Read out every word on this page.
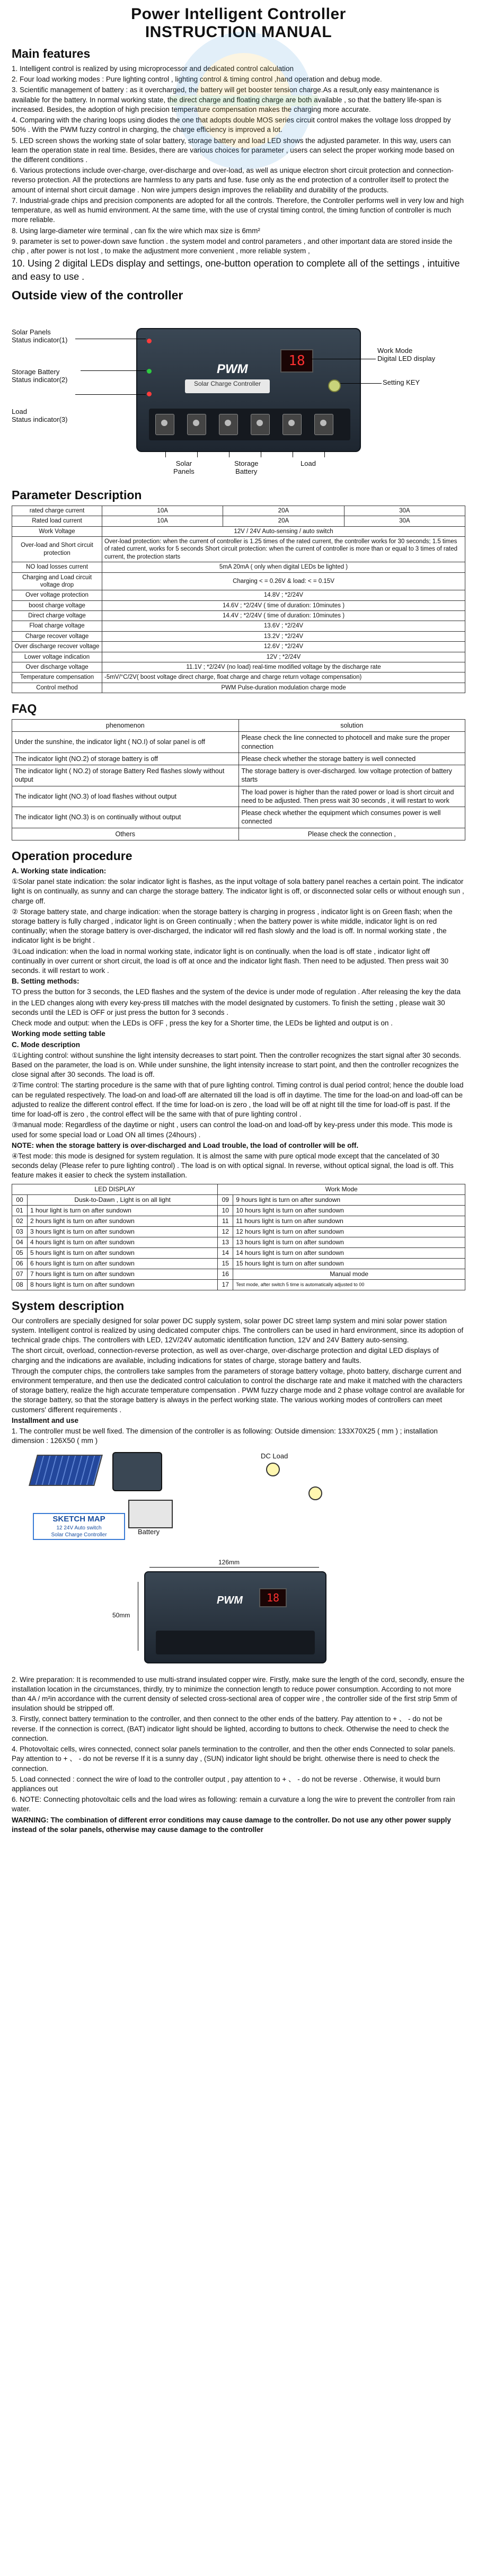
Power Intelligent Controller
INSTRUCTION MANUAL
Main features

1. Intelligent control is realized by using microprocessor and dedicated control calculation

2. Four load working modes : Pure lighting control , lighting control & timing control ,hand operation and debug mode.

3. Scientific management of battery : as it overcharged, the battery will get booster tension charge.As a result,only easy maintenance is available for the battery. In normal working state, the direct charge and floating charge are both available , so that the battery life-span is increased. Besides, the adoption of high precision temperature compensation makes the charging more accurate.

4. Comparing with the charing loops using diodes the one that adopts double MOS series circuit control makes the voltage loss dropped by 50% . With the PWM fuzzy control in charging, the charge efficiency is improved a lot.

5. LED screen shows the working state of solar battery, storage battery and load LED shows the adjusted parameter. In this way, users can learn the operation state in real time. Besides, there are various choices for parameter , users can select the proper working mode based on the different conditions .

6. Various protections include over-charge, over-discharge and over-load, as well as unique electron short circuit protection and connection-reverso protection. All the protections are harmless to any parts and fuse. fuse only as the end protection of a controller itself to protect the amount of internal short circuit damage . Non wire jumpers design improves the reliability and durability of the products.

7. Industrial-grade chips and precision components are adopted for all the controls. Therefore, the Controller performs well in very low and high temperature, as well as humid environment. At the same time, with the use of crystal timing control, the timing function of controller is much more reliable.

8. Using large-diameter wire terminal , can fix the wire which max size is 6mm²

9. parameter is set to power-down save function . the system model and control parameters , and other important data are stored inside the chip , after power is not lost , to make the adjustment more convenient , more reliable system ,

10. Using 2 digital LEDs display and settings, one-button operation to complete all of the settings , intuitive and easy to use .

Outside view of the controller
PWM
Solar Charge Controller
18
Solar Panels
Status indicator(1)
Storage Battery
Status indicator(2)
Load
Status indicator(3)
Work Mode
Digital LED display
Setting KEY
Solar
Panels
Storage
Battery
Load
Parameter Description
rated charge current	10A	20A	30A
Rated load current	10A	20A	30A
Work Voltage	12V / 24V Auto-sensing / auto switch		
Over-load and Short circuit protection	Over-load protection: when the current of controller is 1.25 times of the rated current, the controller works for 30 seconds; 1.5 times of rated current, works for 5 seconds Short circuit protection: when the current of controller is more than or equal to 3 times of rated current, the protection starts		
NO load losses current	5mA 20mA ( only when digital LEDs be lighted )		
Charging and Load circuit voltage drop	Charging < = 0.26V & load: < = 0.15V		
Over voltage protection	14.8V ; *2/24V		
boost charge voltage	14.6V ; *2/24V ( time of duration: 10minutes )		
Direct charge voltage	14.4V ; *2/24V ( time of duration: 10minutes )		
Float charge voltage	13.6V ; *2/24V		
Charge recover voltage	13.2V ; *2/24V		
Over discharge recover voltage	12.6V ; *2/24V		
Lower voltage indication	12V ; *2/24V		
Over discharge voltage	11.1V ; *2/24V (no load) real-time modified voltage by the discharge rate		
Temperature compensation	-5mV/°C/2V( boost voltage direct charge, float charge and charge return voltage compensation)		
Control method	PWM Pulse-duration modulation charge mode		
FAQ
phenomenon	solution
Under the sunshine, the indicator light ( NO.I) of solar panel is off	Please check the line connected to photocell and make sure the proper connection
The indicator light (NO.2) of storage battery is off	Please check whether the storage battery is well connected
The indicator light ( NO.2) of storage Battery Red flashes slowly without output	The storage battery is over-discharged. low voltage protection of battery starts
The indicator light (NO.3) of load flashes without output	The load power is higher than the rated power or load is short circuit and need to be adjusted. Then press wait 30 seconds , it will restart to work
The indicator light (NO.3) is on continually without output	Please check whether the equipment which consumes power is well connected
Others	Please check the connection ,
Operation procedure

A. Working state indication:

①Solar panel state indication: the solar indicator light is flashes, as the input voltage of sola battery panel reaches a certain point. The indicator light is on continually, as sunny and can charge the storage battery. The indicator light is off, or disconnected solar cells or without enough sun , charge off.

② Storage battery state, and charge indication: when the storage battery is charging in progress , indicator light is on Green flash; when the storage battery is fully charged , indicator light is on Green continually ; when the battery power is white middle, indicator light is on red continually; when the storage battery is over-discharged, the indicator will red flash slowly and the load is off. In normal working state , the indicator light is be bright .

③Load indication: when the load in normal working state, indicator light is on continually. when the load is off state , indicator light off continually in over current or short circuit, the load is off at once and the indicator light flash. Then need to be adjusted. Then press wait 30 seconds. it will restart to work .

B. Setting methods:

TO press the button for 3 seconds, the LED flashes and the system of the device is under mode of regulation . After releasing the key the data

in the LED changes along with every key-press till matches with the model designated by customers. To finish the setting , please wait 30 seconds until the LED is OFF or just press the button for 3 seconds .

Check mode and output: when the LEDs is OFF , press the key for a Shorter time, the LEDs be lighted and output is on .

Working mode setting table

C. Mode description

①Lighting control: without sunshine the light intensity decreases to start point. Then the controller recognizes the start signal after 30 seconds. Based on the parameter, the load is on. While under sunshine, the light intensity increase to start point, and then the controller recognizes the close signal after 30 seconds. The load is off.

②Time control: The starting procedure is the same with that of pure lighting control. Timing control is dual period control; hence the double load can be regulated respectively. The load-on and load-off are alternated till the load is off in daytime. The time for the load-on and load-off can be adjusted to realize the different control effect. If the time for load-on is zero , the load will be off at night till the time for load-off is past. If the time for load-off is zero , the control effect will be the same with that of pure lighting control .

③manual mode: Regardless of the daytime or night , users can control the load-on and load-off by key-press under this mode. This mode is used for some special load or Load ON all times (24hours) .

NOTE: when the storage battery is over-discharged and Load trouble, the load of controller will be off.

④Test mode: this mode is designed for system regulation. It is almost the same with pure optical mode except that the cancelated of 30 seconds delay (Please refer to pure lighting control) . The load is on with optical signal. In reverse, without optical signal, the load is off. This feature makes it easier to check the system installation.

LED DISPLAY		Work Mode	
00	Dusk-to-Dawn , Light is on all light	09	9 hours light is turn on after sundown
01	1 hour light is turn on after sundown	10	10 hours light is turn on after sundown
02	2 hours light is turn on after sundown	11	11 hours light is turn on after sundown
03	3 hours light is turn on after sundown	12	12 hours light is turn on after sundown
04	4 hours light is turn on after sundown	13	13 hours light is turn on after sundown
05	5 hours light is turn on after sundown	14	14 hours light is turn on after sundown
06	6 hours light is turn on after sundown	15	15 hours light is turn on after sundown
07	7 hours light is turn on after sundown	16	Manual mode
08	8 hours light is turn on after sundown	17	Test mode, after switch 5 time is automatically adjusted to 00
System description

Our controllers are specially designed for solar power DC supply system, solar power DC street lamp system and mini solar power station system. Intelligent control is realized by using dedicated computer chips. The controllers can be used in hard environment, since its adoption of technical grade chips. The controllers with LED, 12V/24V automatic identification function, 12V and 24V Battery auto-sensing.

The short circuit, overload, connection-reverse protection, as well as over-charge, over-discharge protection and digital LED displays of charging and the indications are available, including indications for states of charge, storage battery and faults.

Through the computer chips, the controllers take samples from the parameters of storage battery voltage, photo battery, discharge current and environment temperature, and then use the dedicated control calculation to control the discharge rate and make it matched with the characters of storage battery, realize the high accurate temperature compensation . PWM fuzzy charge mode and 2 phase voltage control are available for the storage battery, so that the storage battery is always in the perfect working state. The various working modes of controllers can meet customers' different requirements .

Installment and use

1. The controller must be well fixed. The dimension of the controller is as following: Outside dimension: 133X70X25 ( mm ) ; installation dimension : 126X50 ( mm )

Battery
DC Load
SKETCH MAP
12 24V Auto switch
Solar Charge Controller
126mm
50mm
PWM	18

2. Wire preparation: It is recommended to use multi-strand insulated copper wire. Firstly, make sure the length of the cord, secondly, ensure the installation location in the circumstances, thirdly, try to minimize the connection length to reduce power consumption. According to not more than 4A / m²in accordance with the current density of selected cross-sectional area of copper wire , the controller side of the first strip 5mm of insulation should be stripped off.

3. Firstly, connect battery termination to the controller, and then connect to the other ends of the battery. Pay attention to + 、 - do not be reverse. If the connection is correct, (BAT) indicator light should be lighted, according to buttons to check. Otherwise the need to check the connection.

4. Photovoltaic cells, wires connected, connect solar panels termination to the controller, and then the other ends Connected to solar panels. Pay attention to + 、 - do not be reverse If it is a sunny day , (SUN) indicator light should be bright. otherwise there is need to check the connection.

5. Load connected : connect the wire of load to the controller output , pay attention to + 、 - do not be reverse . Otherwise, it would burn appliances out

6. NOTE: Connecting photovoltaic cells and the load wires as following: remain a curvature a long the wire to prevent the controller from rain water.

WARNING: The combination of different error conditions may cause damage to the controller. Do not use any other power supply instead of the solar panels, otherwise may cause damage to the controller
